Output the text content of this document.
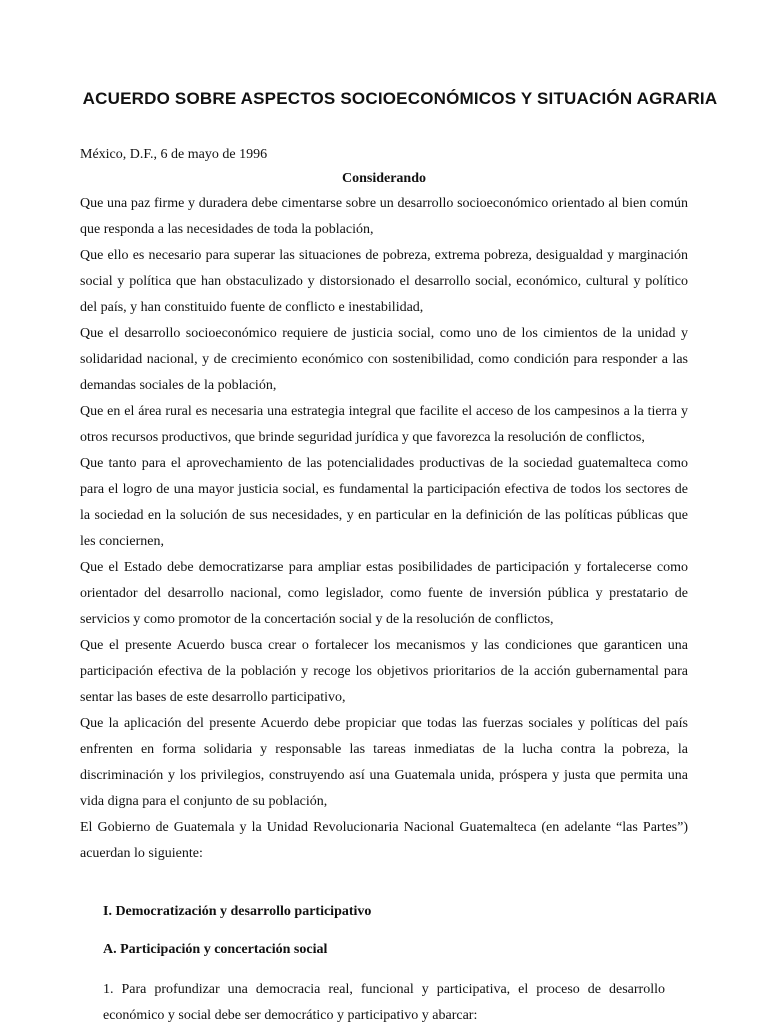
ACUERDO SOBRE ASPECTOS SOCIOECONÓMICOS Y SITUACIÓN AGRARIA

México, D.F., 6 de mayo de 1996

Considerando

Que una paz firme y duradera debe cimentarse sobre un desarrollo socioeconómico orientado al bien común que responda a las necesidades de toda la población,

Que ello es necesario para superar las situaciones de pobreza, extrema pobreza, desigualdad y marginación social y política que han obstaculizado y distorsionado el desarrollo social, económico, cultural y político del país, y han constituido fuente de conflicto e inestabilidad,

Que el desarrollo socioeconómico requiere de justicia social, como uno de los cimientos de la unidad y solidaridad nacional, y de crecimiento económico con sostenibilidad, como condición para responder a las demandas sociales de la población,

Que en el área rural es necesaria una estrategia integral que facilite el acceso de los campesinos a la tierra y otros recursos productivos, que brinde seguridad jurídica y que favorezca la resolución de conflictos,

Que tanto para el aprovechamiento de las potencialidades productivas de la sociedad guatemalteca como para el logro de una mayor justicia social, es fundamental la participación efectiva de todos los sectores de la sociedad en la solución de sus necesidades, y en particular en la definición de las políticas públicas que les conciernen,

Que el Estado debe democratizarse para ampliar estas posibilidades de participación y fortalecerse como orientador del desarrollo nacional, como legislador, como fuente de inversión pública y prestatario de servicios y como promotor de la concertación social y de la resolución de conflictos,

Que el presente Acuerdo busca crear o fortalecer los mecanismos y las condiciones que garanticen una participación efectiva de la población y recoge los objetivos prioritarios de la acción gubernamental para sentar las bases de este desarrollo participativo,

Que la aplicación del presente Acuerdo debe propiciar que todas las fuerzas sociales y políticas del país enfrenten en forma solidaria y responsable las tareas inmediatas de la lucha contra la pobreza, la discriminación y los privilegios, construyendo así una Guatemala unida, próspera y justa que permita una vida digna para el conjunto de su población,

El Gobierno de Guatemala y la Unidad Revolucionaria Nacional Guatemalteca (en adelante “las Partes”) acuerdan lo siguiente:

I. Democratización y desarrollo participativo

A. Participación y concertación social

1. Para profundizar una democracia real, funcional y participativa, el proceso de desarrollo económico y social debe ser democrático y participativo y abarcar:
